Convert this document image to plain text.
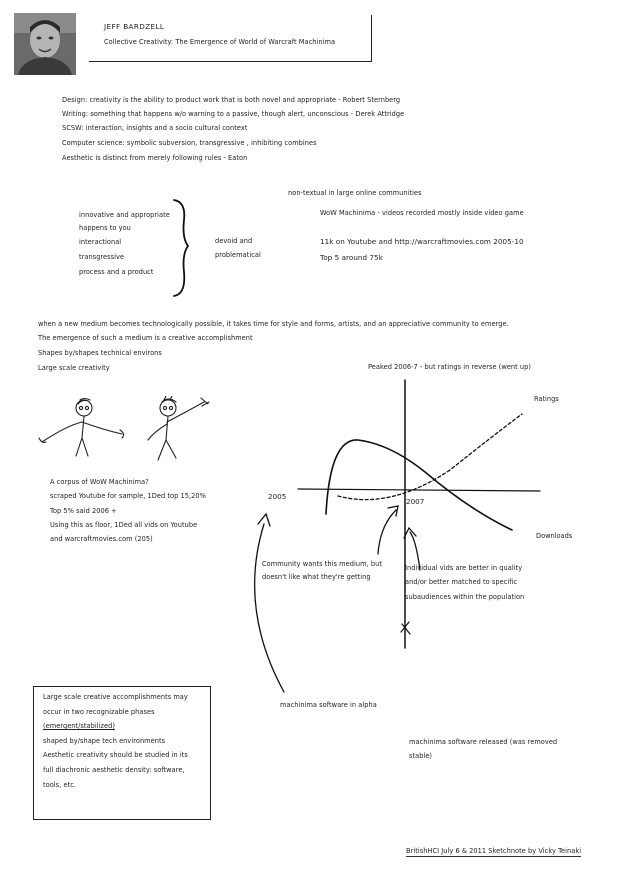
JEFF BARDZELL
Collective Creativity: The Emergence of World of Warcraft Machinima
Design: creativity is the ability to product work that is both novel and appropriate - Robert Sternberg
Writing: something that happens w/o warning to a passive, though alert, unconscious - Derek Attridge
SCSW: interaction, insights and a socio cultural context
Computer science: symbolic subversion, transgressive , inhibiting combines
Aesthetic is distinct from merely following rules - Eaton
innovative and appropriate
happens to you
interactional
transgressive
process and a product
devoid and
problematical
non-textual in large online communities
WoW Machinima - videos recorded mostly inside video game
11k on Youtube and http://warcraftmovies.com 2005-10
Top 5 around 75k
when a new medium becomes technologically possible, it takes time for style and forms, artists, and an appreciative community to emerge.
The emergence of such a medium is a creative accomplishment
Shapes by/shapes technical environs
Large scale creativity
A corpus of WoW Machinima?
scraped Youtube for sample, 1Ded top 15,20%
Top 5% said 2006 +
Using this as floor, 1Ded all vids on Youtube
and warcraftmovies.com (205)
Peaked 2006-7 - but ratings in reverse (went up)
2005
2007
Ratings
Downloads
Community wants this medium, but
doesn't like what they're getting
Individual vids are better in quality
and/or better matched to specific
subaudiences within the population
machinima software in alpha
machinima software released (was removed
stable)
Large scale creative accomplishments may
occur in two recognizable phases
(emergent/stabilized)
shaped by/shape tech environments
Aesthetic creativity should be studied in its
full diachronic aesthetic density: software,
tools, etc.
BritishHCI July 6 & 2011 Sketchnote by Vicky Teinaki
